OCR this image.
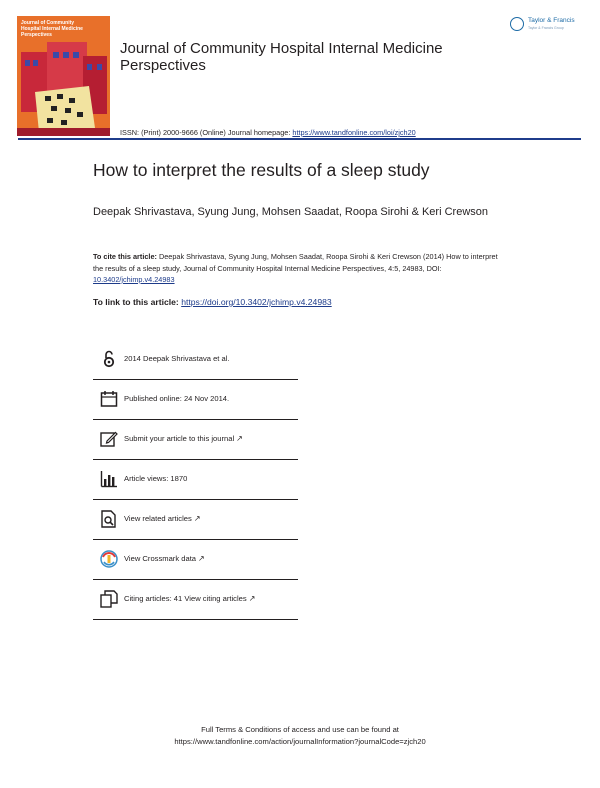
Journal of Community Hospital Internal Medicine Perspectives
Journal of Community Hospital Internal Medicine Perspectives
ISSN: (Print) 2000-9666 (Online) Journal homepage: https://www.tandfonline.com/loi/zjch20
Taylor & Francis
Taylor & Francis Group
How to interpret the results of a sleep study
Deepak Shrivastava, Syung Jung, Mohsen Saadat, Roopa Sirohi & Keri Crewson
To cite this article: Deepak Shrivastava, Syung Jung, Mohsen Saadat, Roopa Sirohi & Keri Crewson (2014) How to interpret the results of a sleep study, Journal of Community Hospital Internal Medicine Perspectives, 4:5, 24983, DOI: 10.3402/jchimp.v4.24983
To link to this article: https://doi.org/10.3402/jchimp.v4.24983
2014 Deepak Shrivastava et al.
Published online: 24 Nov 2014.
Submit your article to this journal ↗
Article views: 1870
View related articles ↗
View Crossmark data ↗
Citing articles: 41 View citing articles ↗
Full Terms & Conditions of access and use can be found at
https://www.tandfonline.com/action/journalInformation?journalCode=zjch20
